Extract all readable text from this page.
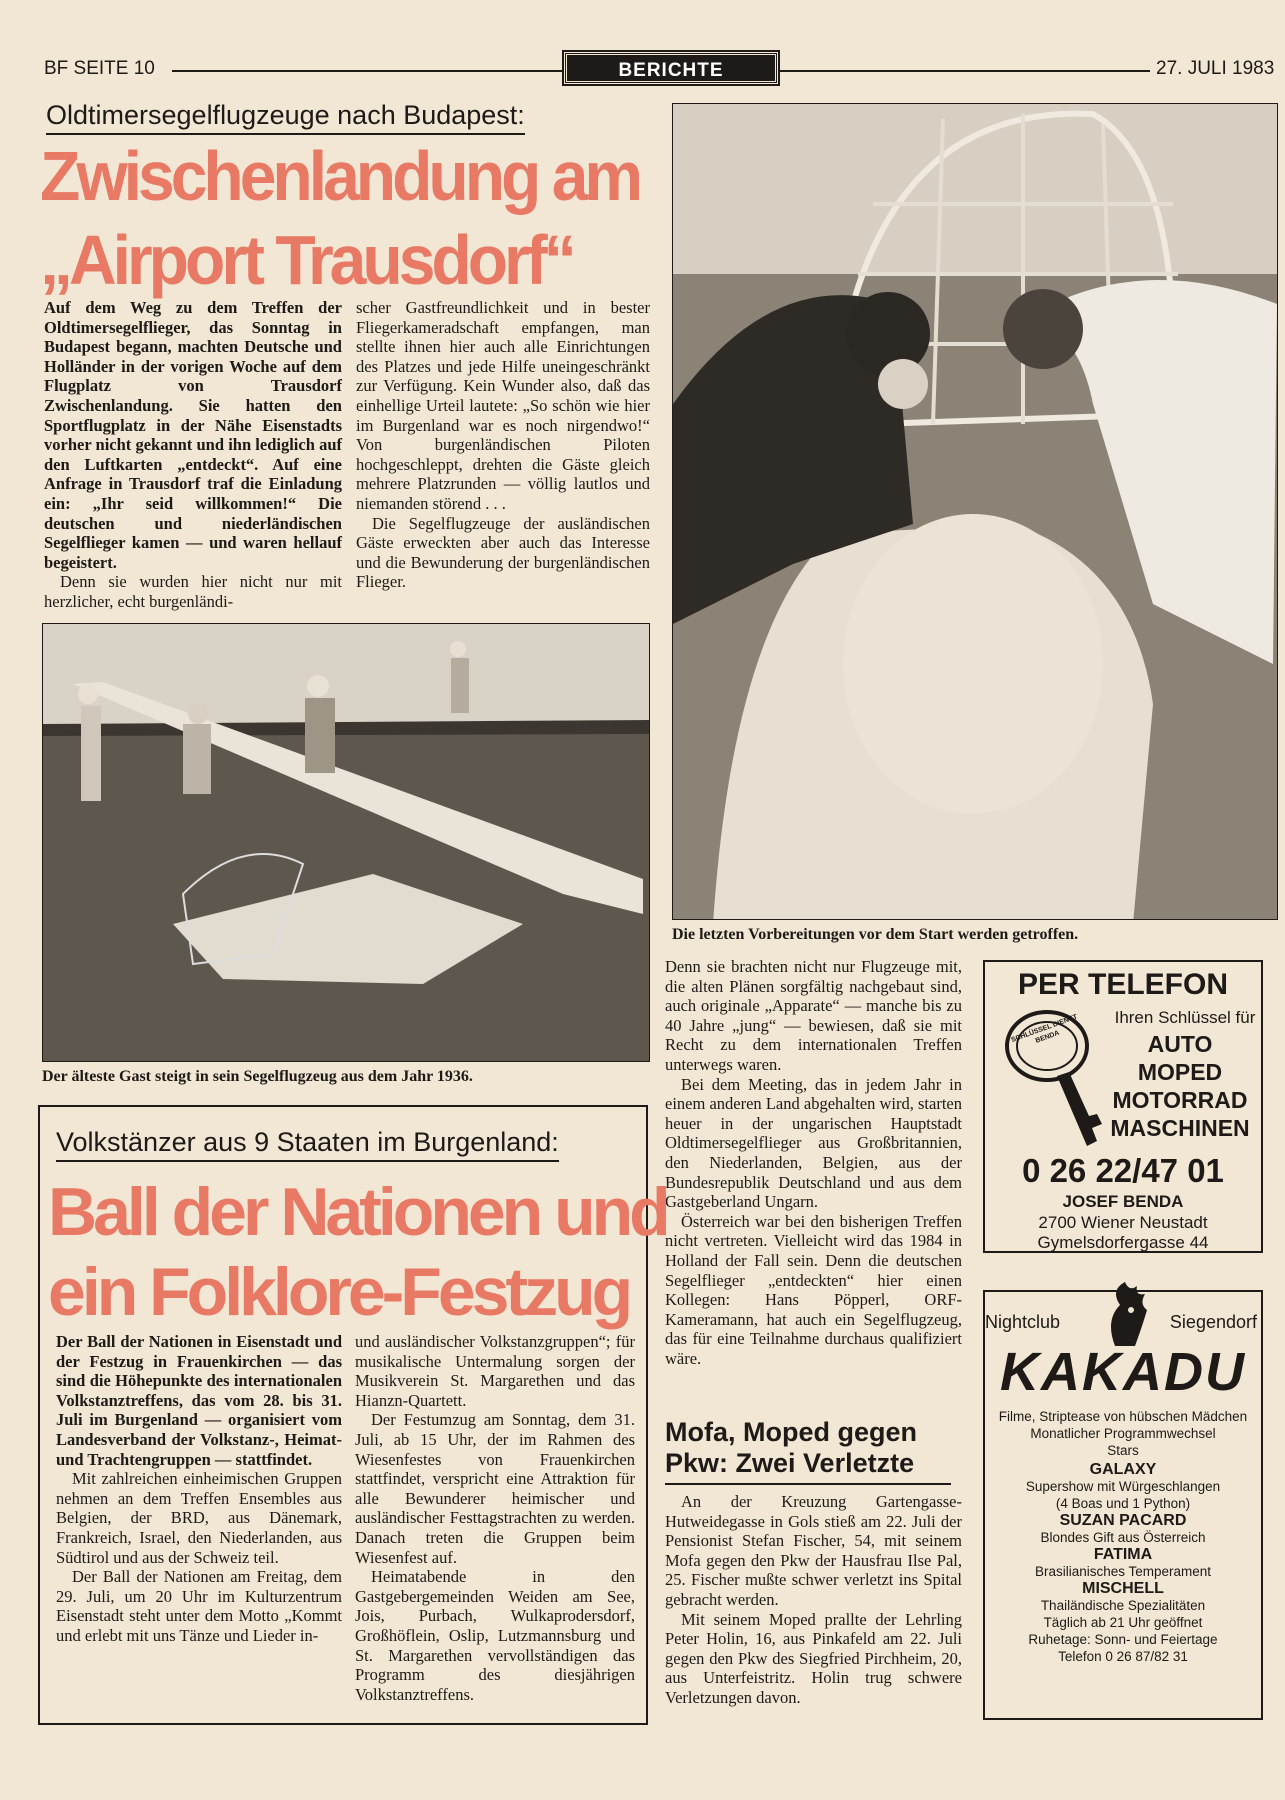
BF SEITE 10	BERICHTE	27. JULI 1983
Oldtimersegelflugzeuge nach Budapest:
Zwischenlandung am
„Airport Trausdorf“

Auf dem Weg zu dem Treffen der Oldtimersegelflieger, das Sonntag in Budapest begann, machten Deutsche und Holländer in der vorigen Woche auf dem Flugplatz von Trausdorf Zwischenlandung. Sie hatten den Sportflugplatz in der Nähe Eisenstadts vorher nicht gekannt und ihn lediglich auf den Luftkarten „entdeckt“. Auf eine Anfrage in Trausdorf traf die Einladung ein: „Ihr seid willkommen!“ Die deutschen und niederländischen Segelflieger kamen — und waren hellauf begeistert.

Denn sie wurden hier nicht nur mit herzlicher, echt burgenländi-

scher Gastfreundlichkeit und in bester Fliegerkameradschaft empfangen, man stellte ihnen hier auch alle Einrichtungen des Platzes und jede Hilfe uneingeschränkt zur Verfügung. Kein Wunder also, daß das einhellige Urteil lautete: „So schön wie hier im Burgenland war es noch nirgendwo!“ Von burgenländischen Piloten hochgeschleppt, drehten die Gäste gleich mehrere Platzrunden — völlig lautlos und niemanden störend . . .

Die Segelflugzeuge der ausländischen Gäste erweckten aber auch das Interesse und die Bewunderung der burgenländischen Flieger.

Der älteste Gast steigt in sein Segelflugzeug aus dem Jahr 1936.
Die letzten Vorbereitungen vor dem Start werden getroffen.

Denn sie brachten nicht nur Flugzeuge mit, die alten Plänen sorgfältig nachgebaut sind, auch originale „Apparate“ — manche bis zu 40 Jahre „jung“ — bewiesen, daß sie mit Recht zu dem internationalen Treffen unterwegs waren.

Bei dem Meeting, das in jedem Jahr in einem anderen Land abgehalten wird, starten heuer in der ungarischen Hauptstadt Oldtimersegelflieger aus Großbritannien, den Niederlanden, Belgien, aus der Bundesrepublik Deutschland und aus dem Gastgeberland Ungarn.

Österreich war bei den bisherigen Treffen nicht vertreten. Vielleicht wird das 1984 in Holland der Fall sein. Denn die deutschen Segelflieger „entdeckten“ hier einen Kollegen: Hans Pöpperl, ORF-Kameramann, hat auch ein Segelflugzeug, das für eine Teilnahme durchaus qualifiziert wäre.

Volkstänzer aus 9 Staaten im Burgenland:
Ball der Nationen und
ein Folklore-Festzug

Der Ball der Nationen in Eisenstadt und der Festzug in Frauenkirchen — das sind die Höhepunkte des internationalen Volkstanztreffens, das vom 28. bis 31. Juli im Burgenland — organisiert vom Landesverband der Volkstanz-, Heimat- und Trachtengruppen — stattfindet.

Mit zahlreichen einheimischen Gruppen nehmen an dem Treffen Ensembles aus Belgien, der BRD, aus Dänemark, Frankreich, Israel, den Niederlanden, aus Südtirol und aus der Schweiz teil.

Der Ball der Nationen am Freitag, dem 29. Juli, um 20 Uhr im Kulturzentrum Eisenstadt steht unter dem Motto „Kommt und erlebt mit uns Tänze und Lieder in-

und ausländischer Volkstanzgruppen“; für musikalische Untermalung sorgen der Musikverein St. Margarethen und das Hianzn-Quartett.

Der Festumzug am Sonntag, dem 31. Juli, ab 15 Uhr, der im Rahmen des Wiesenfestes von Frauenkirchen stattfindet, verspricht eine Attraktion für alle Bewunderer heimischer und ausländischer Festtagstrachten zu werden. Danach treten die Gruppen beim Wiesenfest auf.

Heimatabende in den Gastgebergemeinden Weiden am See, Jois, Purbach, Wulkaprodersdorf, Großhöflein, Oslip, Lutzmannsburg und St. Margarethen vervollständigen das Programm des diesjährigen Volkstanztreffens.

Mofa, Moped gegen Pkw: Zwei Verletzte

An der Kreuzung Gartengasse-Hutweidegasse in Gols stieß am 22. Juli der Pensionist Stefan Fischer, 54, mit seinem Mofa gegen den Pkw der Hausfrau Ilse Pal, 25. Fischer mußte schwer verletzt ins Spital gebracht werden.

Mit seinem Moped prallte der Lehrling Peter Holin, 16, aus Pinkafeld am 22. Juli gegen den Pkw des Siegfried Pirchheim, 20, aus Unterfeistritz. Holin trug schwere Verletzungen davon.

PER TELEFON
Ihren Schlüssel für
AUTO
MOPED
MOTORRAD
MASCHINEN
SCHLÜSSEL DIENST BENDA
0 26 22/47 01
JOSEF BENDA
2700 Wiener Neustadt
Gymelsdorfergasse 44
Nightclub	Siegendorf
KAKADU
Filme, Striptease von hübschen Mädchen
Monatlicher Programmwechsel
Stars
GALAXY
Supershow mit Würgeschlangen
(4 Boas und 1 Python)
SUZAN PACARD
Blondes Gift aus Österreich
FATIMA
Brasilianisches Temperament
MISCHELL
Thailändische Spezialitäten
Täglich ab 21 Uhr geöffnet
Ruhetage: Sonn- und Feiertage
Telefon 0 26 87/82 31
